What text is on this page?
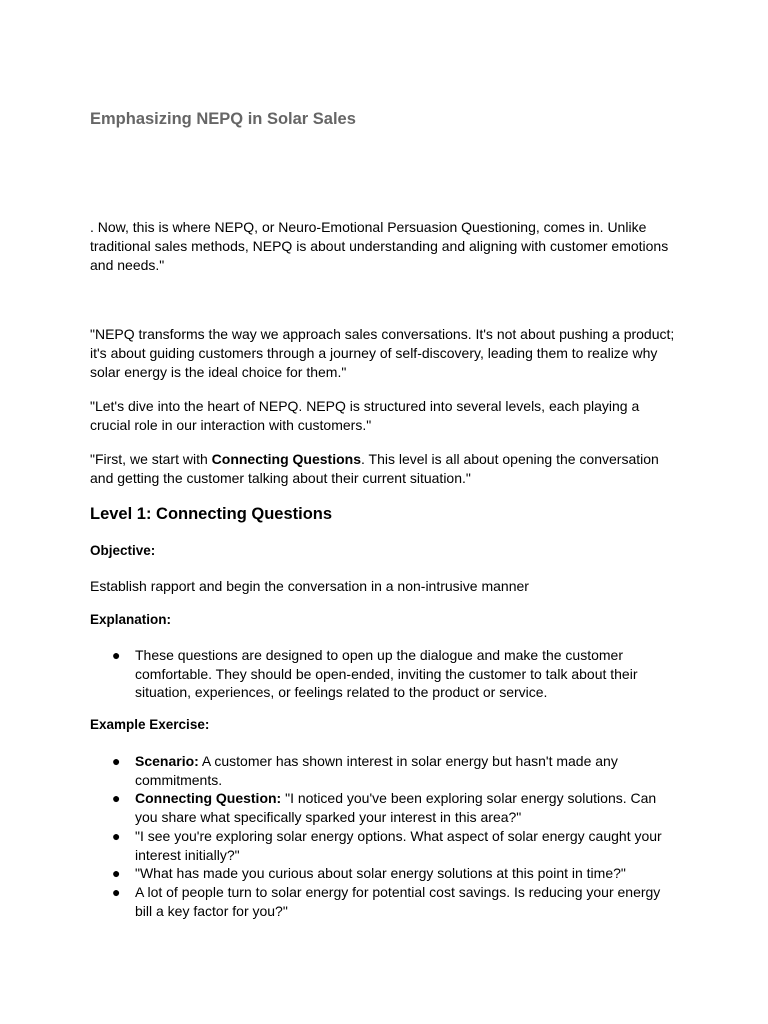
Emphasizing NEPQ in Solar Sales

. Now, this is where NEPQ, or Neuro-Emotional Persuasion Questioning, comes in. Unlike traditional sales methods, NEPQ is about understanding and aligning with customer emotions and needs."

"NEPQ transforms the way we approach sales conversations. It's not about pushing a product; it's about guiding customers through a journey of self-discovery, leading them to realize why solar energy is the ideal choice for them."

"Let's dive into the heart of NEPQ. NEPQ is structured into several levels, each playing a crucial role in our interaction with customers."

"First, we start with Connecting Questions. This level is all about opening the conversation and getting the customer talking about their current situation."

Level 1: Connecting Questions

Objective:

Establish rapport and begin the conversation in a non-intrusive manner

Explanation:

● These questions are designed to open up the dialogue and make the customer comfortable. They should be open-ended, inviting the customer to talk about their situation, experiences, or feelings related to the product or service.

Example Exercise:

● Scenario: A customer has shown interest in solar energy but hasn't made any commitments.
● Connecting Question: "I noticed you've been exploring solar energy solutions. Can you share what specifically sparked your interest in this area?"
● "I see you're exploring solar energy options. What aspect of solar energy caught your interest initially?"
● "What has made you curious about solar energy solutions at this point in time?"
● A lot of people turn to solar energy for potential cost savings. Is reducing your energy bill a key factor for you?"
